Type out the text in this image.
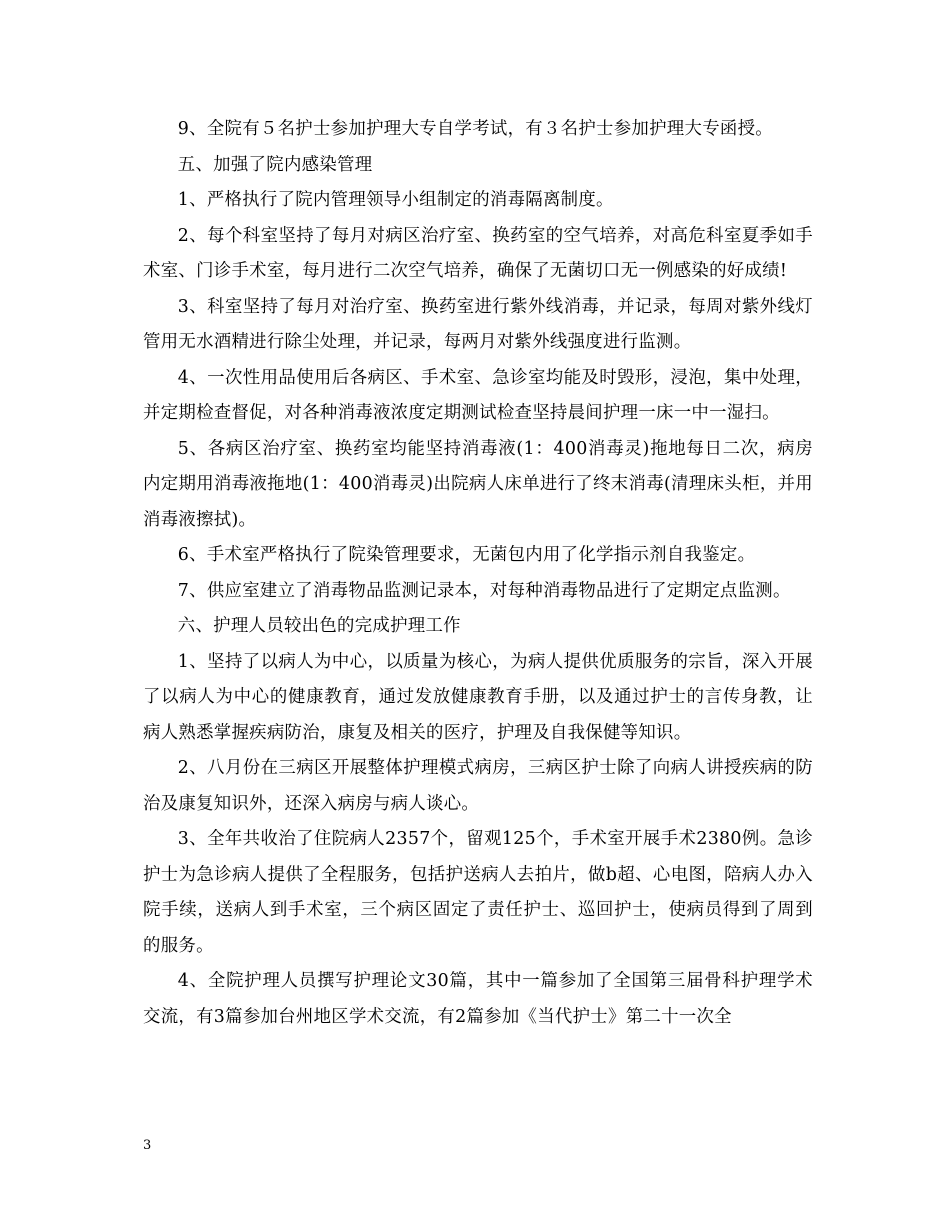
9、全院有５名护士参加护理大专自学考试，有３名护士参加护理大专函授。

五、加强了院内感染管理

1、严格执行了院内管理领导小组制定的消毒隔离制度。

2、每个科室坚持了每月对病区治疗室、换药室的空气培养，对高危科室夏季如手术室、门诊手术室，每月进行二次空气培养，确保了无菌切口无一例感染的好成绩!

3、科室坚持了每月对治疗室、换药室进行紫外线消毒，并记录，每周对紫外线灯管用无水酒精进行除尘处理，并记录，每两月对紫外线强度进行监测。

4、一次性用品使用后各病区、手术室、急诊室均能及时毁形，浸泡，集中处理，并定期检查督促，对各种消毒液浓度定期测试检查坚持晨间护理一床一中一湿扫。

5、各病区治疗室、换药室均能坚持消毒液(1：400消毒灵)拖地每日二次，病房内定期用消毒液拖地(1：400消毒灵)出院病人床单进行了终末消毒(清理床头柜，并用消毒液擦拭)。

6、手术室严格执行了院染管理要求，无菌包内用了化学指示剂自我鉴定。

7、供应室建立了消毒物品监测记录本，对每种消毒物品进行了定期定点监测。

六、护理人员较出色的完成护理工作

1、坚持了以病人为中心，以质量为核心，为病人提供优质服务的宗旨，深入开展了以病人为中心的健康教育，通过发放健康教育手册，以及通过护士的言传身教，让病人熟悉掌握疾病防治，康复及相关的医疗，护理及自我保健等知识。

2、八月份在三病区开展整体护理模式病房，三病区护士除了向病人讲授疾病的防治及康复知识外，还深入病房与病人谈心。

3、全年共收治了住院病人2357个，留观125个，手术室开展手术2380例。急诊护士为急诊病人提供了全程服务，包括护送病人去拍片，做b超、心电图，陪病人办入院手续，送病人到手术室，三个病区固定了责任护士、巡回护士，使病员得到了周到的服务。

4、全院护理人员撰写护理论文30篇，其中一篇参加了全国第三届骨科护理学术交流，有3篇参加台州地区学术交流，有2篇参加《当代护士》第二十一次全

3
